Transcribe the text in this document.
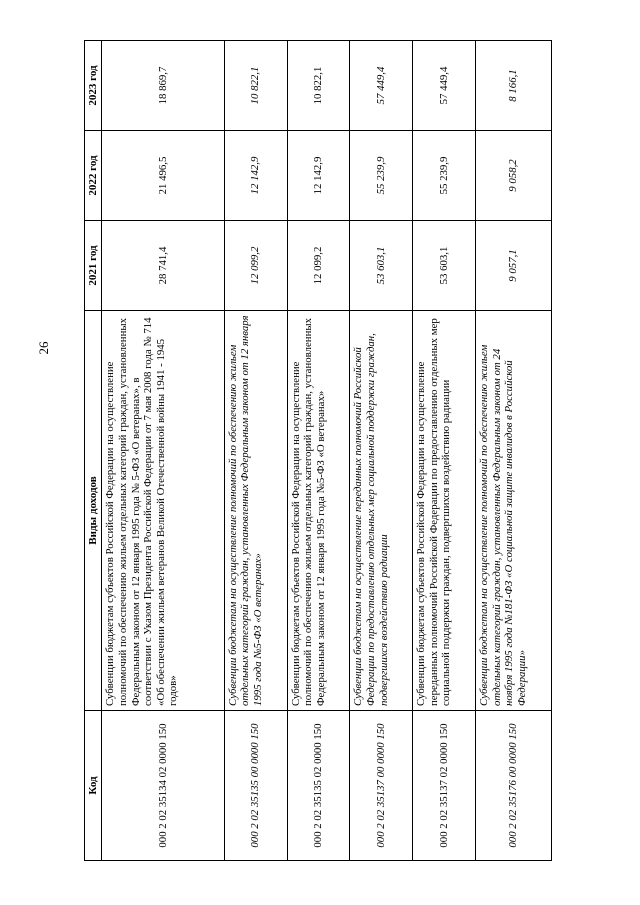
26
Код	Виды доходов	2021 год	2022 год	2023 год
000 2 02 35134 02 0000 150	Субвенции бюджетам субъектов Российской Федерации на осуществление полномочий по обеспечению жильем отдельных категорий граждан, установленных Федеральным законом от 12 января 1995 года № 5-ФЗ «О ветеранах», в соответствии с Указом Президента Российской Федерации от 7 мая 2008 года № 714 «Об обеспечении жильем ветеранов Великой Отечественной войны 1941 - 1945 годов»	28 741,4	21 496,5	18 869,7
000 2 02 35135 00 0000 150	Субвенции бюджетам на осуществление полномочий по обеспечению жильем отдельных категорий граждан, установленных Федеральным законом от 12 января 1995 года №5-ФЗ «О ветеранах»	12 099,2	12 142,9	10 822,1
000 2 02 35135 02 0000 150	Субвенции бюджетам субъектов Российской Федерации на осуществление полномочий по обеспечению жильем отдельных категорий граждан, установленных Федеральным законом от 12 января 1995 года №5-ФЗ «О ветеранах»	12 099,2	12 142,9	10 822,1
000 2 02 35137 00 0000 150	Субвенции бюджетам на осуществление переданных полномочий Российской Федерации по предоставлению отдельных мер социальной поддержки граждан, подвергшихся воздействию радиации	53 603,1	55 239,9	57 449,4
000 2 02 35137 02 0000 150	Субвенции бюджетам субъектов Российской Федерации на осуществление переданных полномочий Российской Федерации по предоставлению отдельных мер социальной поддержки граждан, подвергшихся воздействию радиации	53 603,1	55 239,9	57 449,4
000 2 02 35176 00 0000 150	Субвенции бюджетам на осуществление полномочий по обеспечению жильем отдельных категорий граждан, установленных Федеральным законом от 24 ноября 1995 года №181-ФЗ «О социальной защите инвалидов в Российской Федерации»	9 057,1	9 058,2	8 166,1
